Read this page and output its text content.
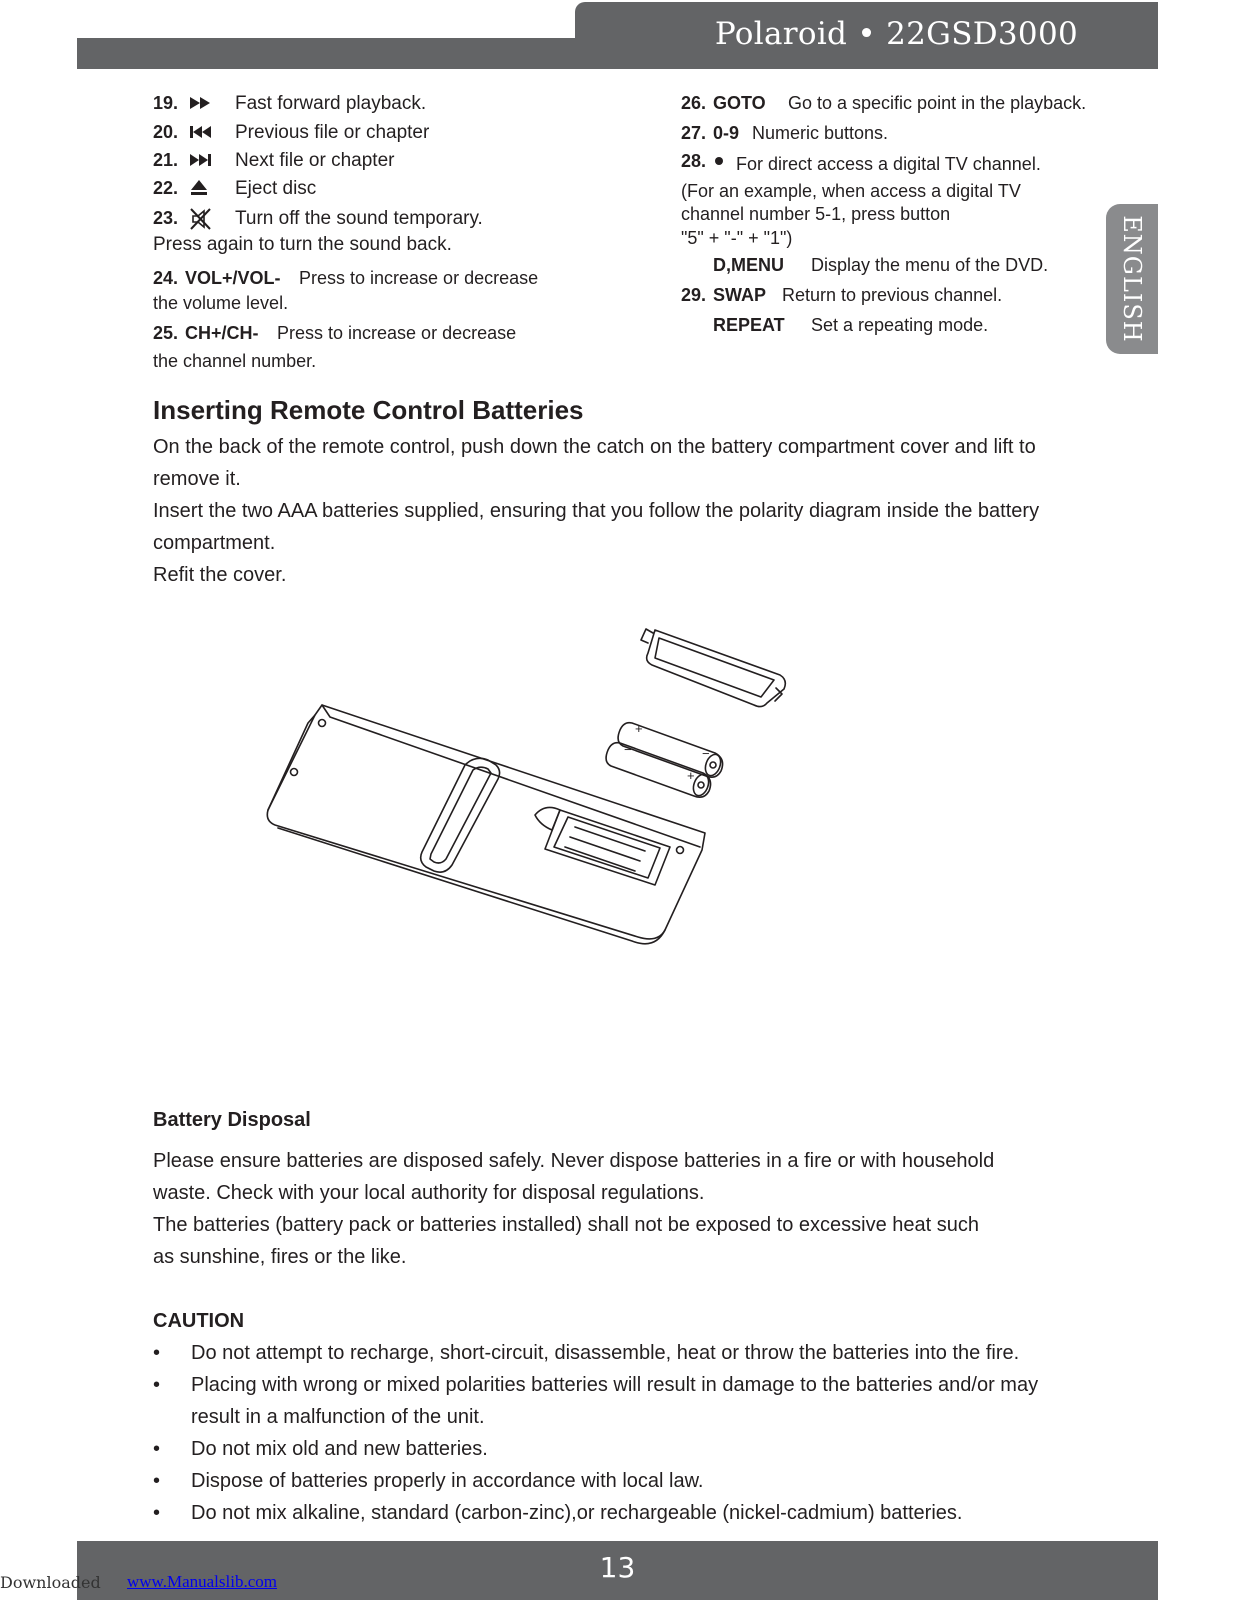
Polaroid • 22GSD3000
ENGLISH
19.	Fast forward playback.
20.	Previous file or chapter
21.	Next file or chapter
22.	Eject disc
23.	Turn off the sound temporary.
Press again to turn the sound back.
24. VOL+/VOL- Press to increase or decrease
the volume level.
25. CH+/CH- Press to increase or decrease
the channel number.
26. GOTO Go to a specific point in the playback.
27. 0-9 Numeric buttons.
28. For direct access a digital TV channel.
(For an example, when access a digital TV
channel number 5-1, press button
"5" + "-" + "1")
D,MENU Display the menu of the DVD.
29. SWAP Return to previous channel.
REPEAT Set a repeating mode.
Inserting Remote Control Batteries
On the back of the remote control, push down the catch on the battery compartment cover and lift to
remove it.
Insert the two AAA batteries supplied, ensuring that you follow the polarity diagram inside the battery
compartment.
Refit the cover.
+
−	−
+
Battery Disposal
Please ensure batteries are disposed safely. Never dispose batteries in a fire or with household
waste. Check with your local authority for disposal regulations.
The batteries (battery pack or batteries installed) shall not be exposed to excessive heat such
as sunshine, fires or the like.
CAUTION
• Do not attempt to recharge, short-circuit, disassemble, heat or throw the batteries into the fire.
• Placing with wrong or mixed polarities batteries will result in damage to the batteries and/or may
result in a malfunction of the unit.
• Do not mix old and new batteries.
• Dispose of batteries properly in accordance with local law.
• Do not mix alkaline, standard (carbon-zinc),or rechargeable (nickel-cadmium) batteries.
13
Downloaded www.Manualslib.com
